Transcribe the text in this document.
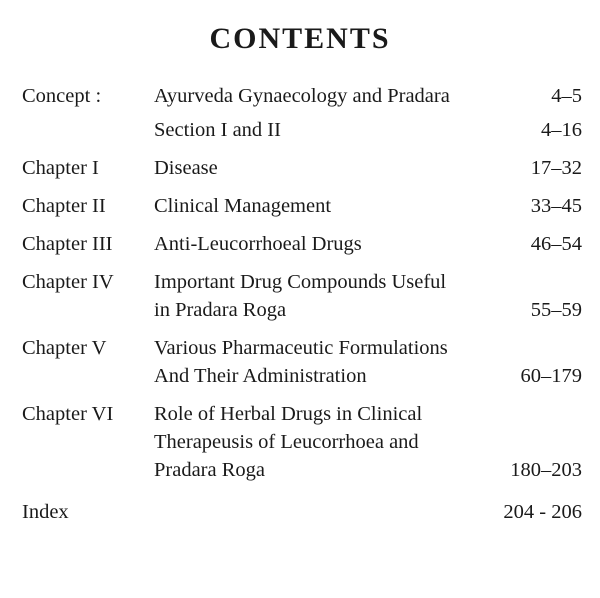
CONTENTS
Concept :	Ayurveda Gynaecology and Pradara	4–5
Section I and II	4–16
Chapter I	Disease	17–32
Chapter II	Clinical Management	33–45
Chapter III	Anti-Leucorrhoeal Drugs	46–54
Chapter IV	Important Drug Compounds Useful
in Pradara Roga	55–59
Chapter V	Various Pharmaceutic Formulations
And Their Administration	60–179
Chapter VI	Role of Herbal Drugs in Clinical
Therapeusis of Leucorrhoea and
Pradara Roga	180–203
Index	204 - 206
